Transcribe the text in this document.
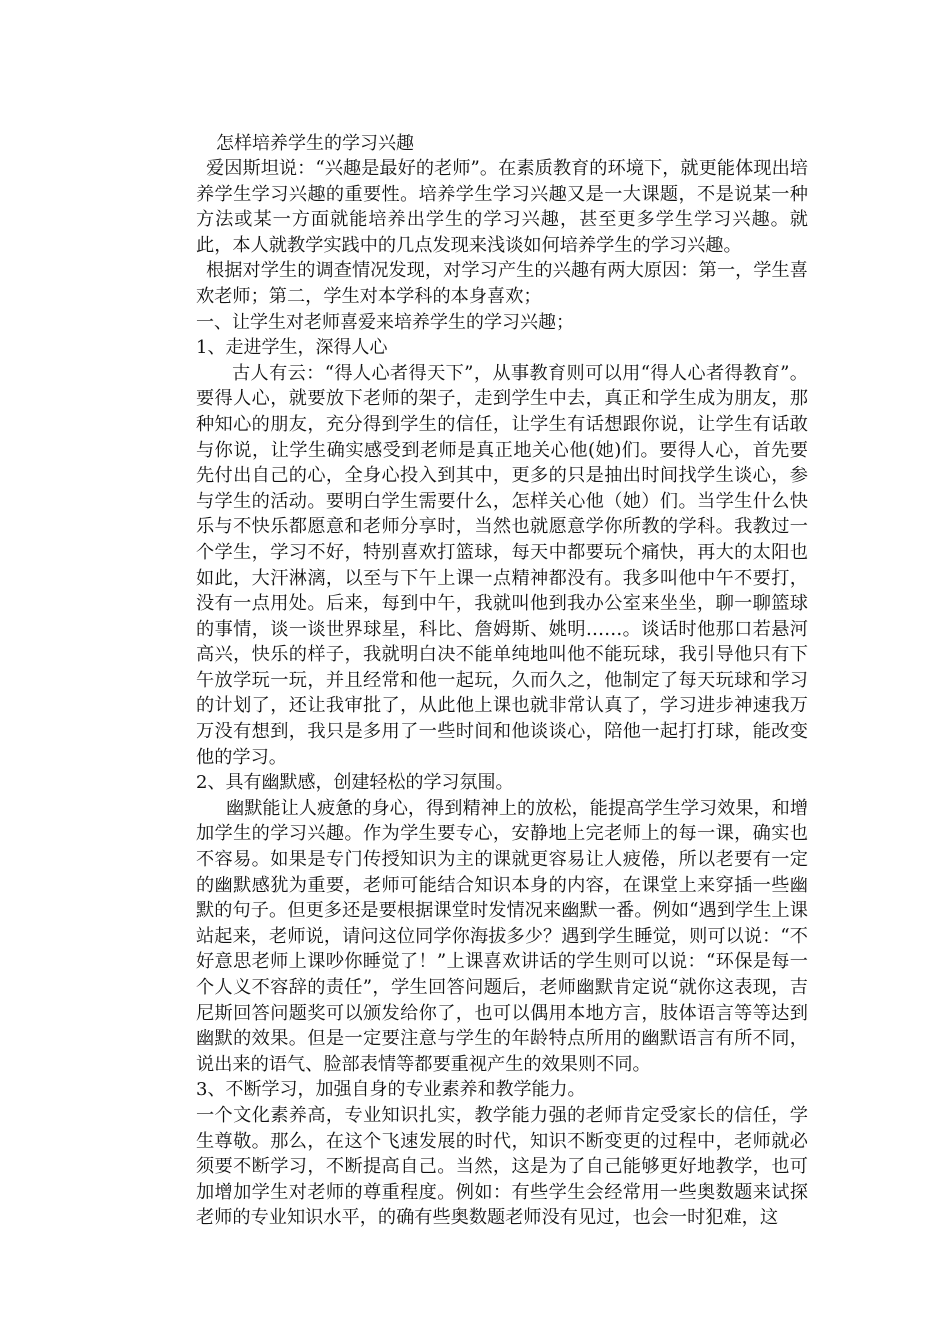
怎样培养学生的学习兴趣

爱因斯坦说：“兴趣是最好的老师”。在素质教育的环境下，就更能体现出培养学生学习兴趣的重要性。培养学生学习兴趣又是一大课题，不是说某一种方法或某一方面就能培养出学生的学习兴趣，甚至更多学生学习兴趣。就此，本人就教学实践中的几点发现来浅谈如何培养学生的学习兴趣。

根据对学生的调查情况发现，对学习产生的兴趣有两大原因：第一，学生喜欢老师；第二，学生对本学科的本身喜欢；

一、让学生对老师喜爱来培养学生的学习兴趣；

1、走进学生，深得人心

古人有云：“得人心者得天下”，从事教育则可以用“得人心者得教育”。要得人心，就要放下老师的架子，走到学生中去，真正和学生成为朋友，那种知心的朋友，充分得到学生的信任，让学生有话想跟你说，让学生有话敢与你说，让学生确实感受到老师是真正地关心他(她)们。要得人心，首先要先付出自己的心，全身心投入到其中，更多的只是抽出时间找学生谈心，参与学生的活动。要明白学生需要什么，怎样关心他（她）们。当学生什么快乐与不快乐都愿意和老师分享时，当然也就愿意学你所教的学科。我教过一个学生，学习不好，特别喜欢打篮球，每天中都要玩个痛快，再大的太阳也如此，大汗淋漓，以至与下午上课一点精神都没有。我多叫他中午不要打，没有一点用处。后来，每到中午，我就叫他到我办公室来坐坐，聊一聊篮球的事情，谈一谈世界球星，科比、詹姆斯、姚明……。谈话时他那口若悬河高兴，快乐的样子，我就明白决不能单纯地叫他不能玩球，我引导他只有下午放学玩一玩，并且经常和他一起玩，久而久之，他制定了每天玩球和学习的计划了，还让我审批了，从此他上课也就非常认真了，学习进步神速我万万没有想到，我只是多用了一些时间和他谈谈心，陪他一起打打球，能改变他的学习。

2、具有幽默感，创建轻松的学习氛围。

幽默能让人疲惫的身心，得到精神上的放松，能提高学生学习效果，和增加学生的学习兴趣。作为学生要专心，安静地上完老师上的每一课，确实也不容易。如果是专门传授知识为主的课就更容易让人疲倦，所以老要有一定的幽默感犹为重要，老师可能结合知识本身的内容，在课堂上来穿插一些幽默的句子。但更多还是要根据课堂时发情况来幽默一番。例如“遇到学生上课站起来，老师说，请问这位同学你海拔多少？遇到学生睡觉，则可以说：“不好意思老师上课吵你睡觉了！”上课喜欢讲话的学生则可以说：“环保是每一个人义不容辞的责任”，学生回答问题后，老师幽默肯定说“就你这表现，吉尼斯回答问题奖可以颁发给你了，也可以偶用本地方言，肢体语言等等达到幽默的效果。但是一定要注意与学生的年龄特点所用的幽默语言有所不同，说出来的语气、脸部表情等都要重视产生的效果则不同。

3、不断学习，加强自身的专业素养和教学能力。

一个文化素养高，专业知识扎实，教学能力强的老师肯定受家长的信任，学生尊敬。那么，在这个飞速发展的时代，知识不断变更的过程中，老师就必须要不断学习，不断提高自己。当然，这是为了自己能够更好地教学，也可加增加学生对老师的尊重程度。例如：有些学生会经常用一些奥数题来试探老师的专业知识水平，的确有些奥数题老师没有见过，也会一时犯难，这
